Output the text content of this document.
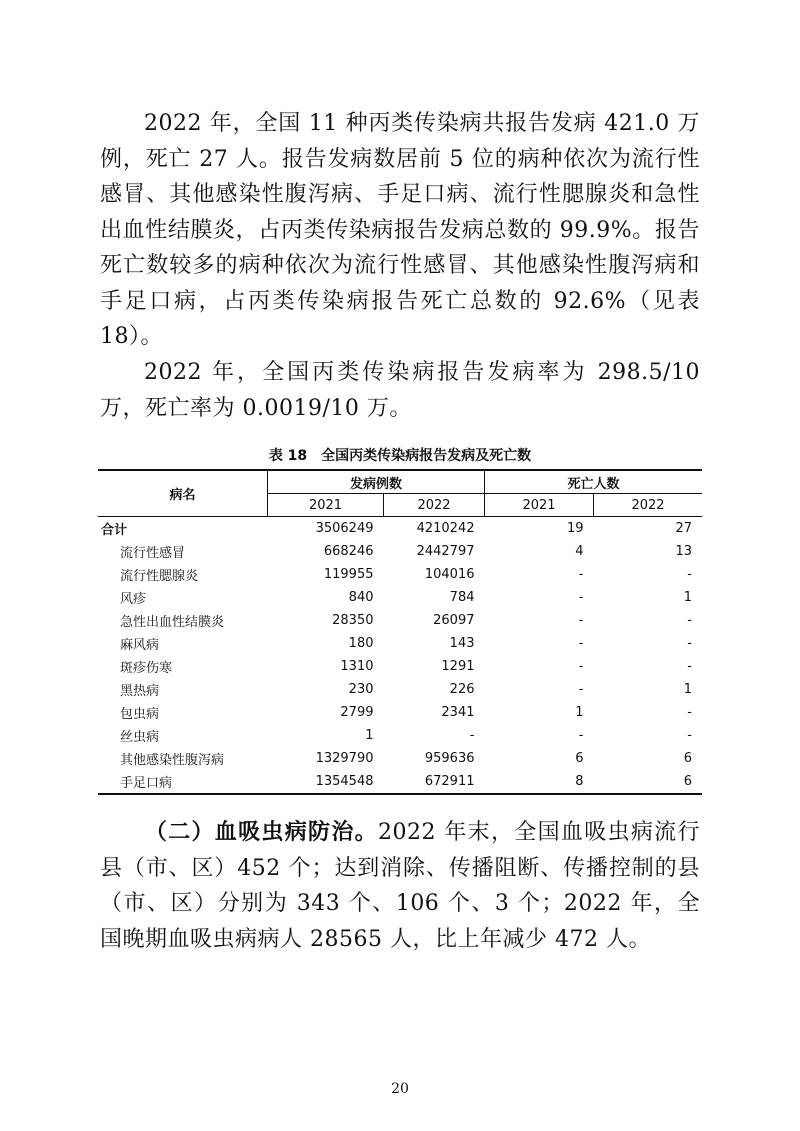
2022 年，全国 11 种丙类传染病共报告发病 421.0 万例，死亡 27 人。报告发病数居前 5 位的病种依次为流行性感冒、其他感染性腹泻病、手足口病、流行性腮腺炎和急性出血性结膜炎，占丙类传染病报告发病总数的 99.9%。报告死亡数较多的病种依次为流行性感冒、其他感染性腹泻病和手足口病，占丙类传染病报告死亡总数的 92.6%（见表 18）。

2022 年，全国丙类传染病报告发病率为 298.5/10 万，死亡率为 0.0019/10 万。

表 18　全国丙类传染病报告发病及死亡数
病名	发病例数		死亡人数	
	2021	2022	2021	2022
合计	3506249	4210242	19	27
流行性感冒	668246	2442797	4	13
流行性腮腺炎	119955	104016	-	-
风疹	840	784	-	1
急性出血性结膜炎	28350	26097	-	-
麻风病	180	143	-	-
斑疹伤寒	1310	1291	-	-
黑热病	230	226	-	1
包虫病	2799	2341	1	-
丝虫病	1	-	-	-
其他感染性腹泻病	1329790	959636	6	6
手足口病	1354548	672911	8	6
20

（二）血吸虫病防治。2022 年末，全国血吸虫病流行县（市、区）452 个；达到消除、传播阻断、传播控制的县（市、区）分别为 343 个、106 个、3 个；2022 年，全国晚期血吸虫病病人 28565 人，比上年减少 472 人。
